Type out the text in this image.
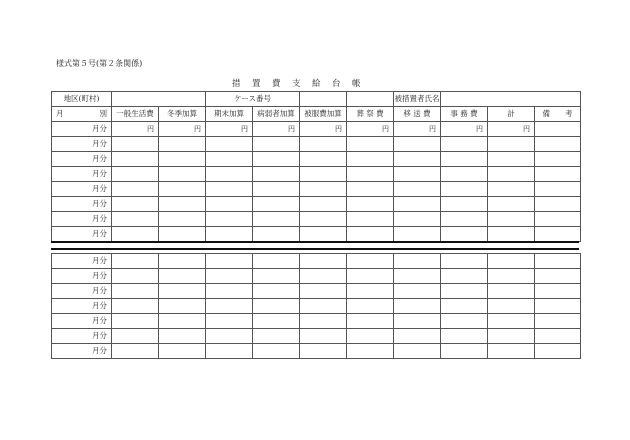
様式第５号(第２条関係)
措 置 費 支 給 台 帳
地区(町村)			ケース番号				被措置者氏名			

月 別	一般生活費	冬季加算	期末加算	病弱者加算	被服費加算	葬 祭 費	移 送 費	事 務 費	計	備　　考
月分	円	円	円	円	円	円	円	円	円	
月分										
月分										
月分										
月分										
月分										
月分										
月分										
月分										
月分										
月分										
月分										
月分										
月分										
月分										
